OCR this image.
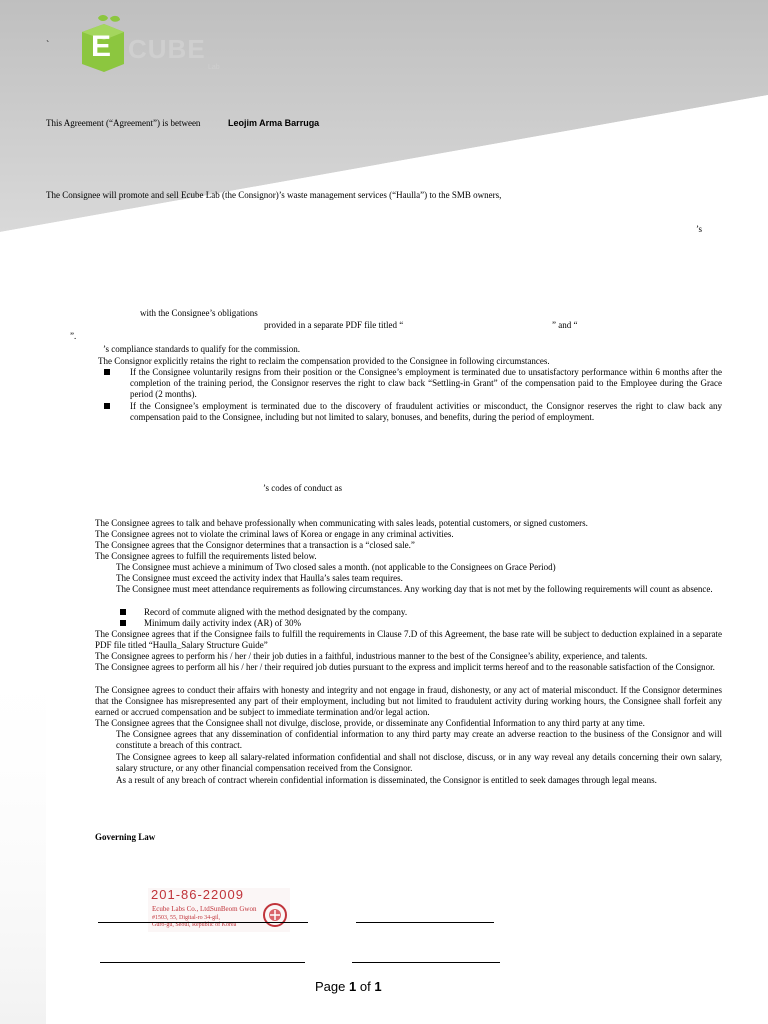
` E CUBE
Lab
This Agreement (“Agreement”) is between	Leojim Arma Barruga
The Consignee will promote and sell Ecube Lab (the Consignor)’s waste management services (“Haulla”) to the SMB owners,
’s
with the Consignee’s obligations
provided in a separate PDF file titled “	” and “
”.
’s compliance standards to qualify for the commission.
The Consignor explicitly retains the right to reclaim the compensation provided to the Consignee in following circumstances.
If the Consignee voluntarily resigns from their position or the Consignee’s employment is terminated due to unsatisfactory performance within 6 months after the completion of the training period, the Consignor reserves the right to claw back “Settling-in Grant” of the compensation paid to the Employee during the Grace period (2 months).
If the Consignee’s employment is terminated due to the discovery of fraudulent activities or misconduct, the Consignor reserves the right to claw back any compensation paid to the Consignee, including but not limited to salary, bonuses, and benefits, during the period of employment.
’s codes of conduct as
The Consignee agrees to talk and behave professionally when communicating with sales leads, potential customers, or signed customers.
The Consignee agrees not to violate the criminal laws of Korea or engage in any criminal activities.
The Consignee agrees that the Consignor determines that a transaction is a “closed sale.”
The Consignee agrees to fulfill the requirements listed below.
The Consignee must achieve a minimum of Two closed sales a month. (not applicable to the Consignees on Grace Period)
The Consignee must exceed the activity index that Haulla’s sales team requires.
The Consignee must meet attendance requirements as following circumstances. Any working day that is not met by the following requirements will count as absence.
Record of commute aligned with the method designated by the company.
Minimum daily activity index (AR) of 30%
The Consignee agrees that if the Consignee fails to fulfill the requirements in Clause 7.D of this Agreement, the base rate will be subject to deduction explained in a separate PDF file titled “Haulla_Salary Structure Guide”
The Consignee agrees to perform his / her / their job duties in a faithful, industrious manner to the best of the Consignee’s ability, experience, and talents.
The Consignee agrees to perform all his / her / their required job duties pursuant to the express and implicit terms hereof and to the reasonable satisfaction of the Consignor.
The Consignee agrees to conduct their affairs with honesty and integrity and not engage in fraud, dishonesty, or any act of material misconduct. If the Consignor determines that the Consignee has misrepresented any part of their employment, including but not limited to fraudulent activity during working hours, the Consignee shall forfeit any earned or accrued compensation and be subject to immediate termination and/or legal action.
The Consignee agrees that the Consignee shall not divulge, disclose, provide, or disseminate any Confidential Information to any third party at any time.
The Consignee agrees that any dissemination of confidential information to any third party may create an adverse reaction to the business of the Consignor and will constitute a breach of this contract.
The Consignee agrees to keep all salary-related information confidential and shall not disclose, discuss, or in any way reveal any details concerning their own salary, salary structure, or any other financial compensation received from the Consignor.
As a result of any breach of contract wherein confidential information is disseminated, the Consignor is entitled to seek damages through legal means.
Governing Law
201-86-22009
Ecube Labs Co., Ltd.
SunBeom Gwon
#1503, 55, Digital-ro 34-gil,
Guro-gu, Seoul, Republic of Korea
Page 1 of 1
